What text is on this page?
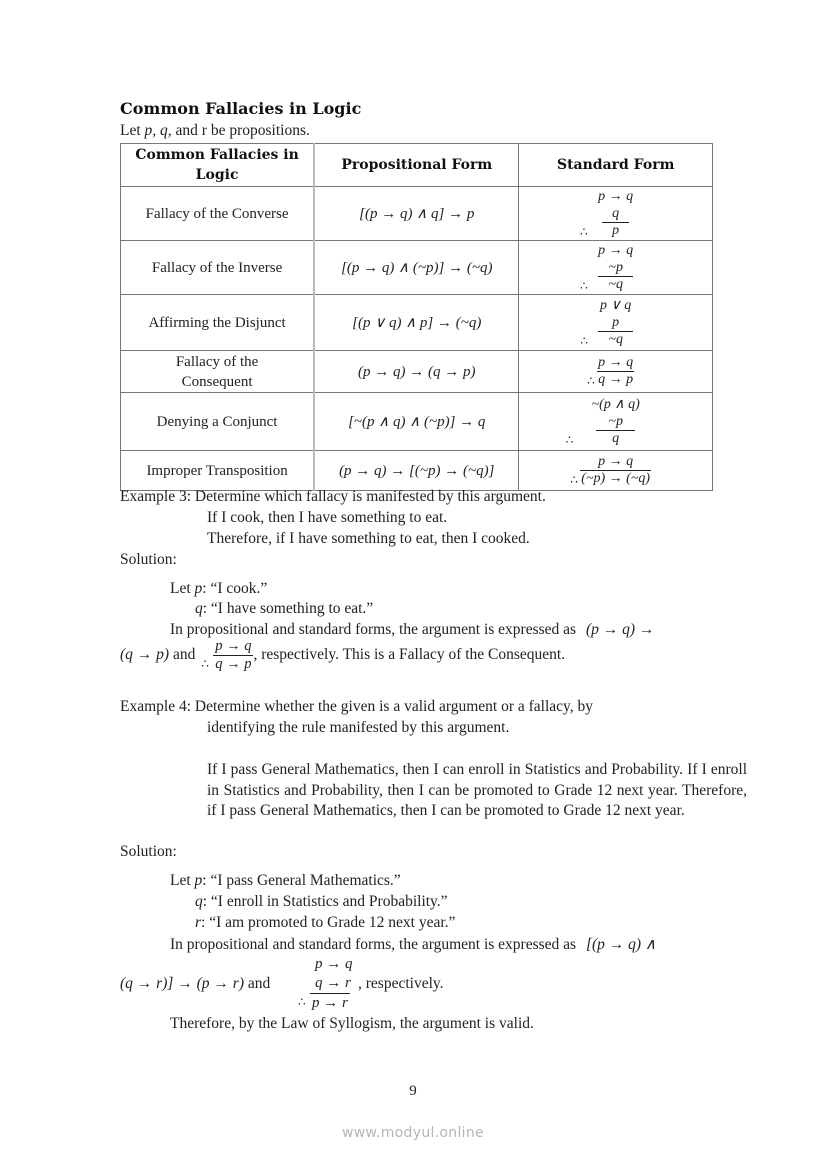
Common Fallacies in Logic
Let p, q, and r be propositions.
Common Fallacies in Logic	Propositional Form	Standard Form
Fallacy of the Converse	[(p → q) ∧ q] → p	p → q
q
∴ p

Fallacy of the Inverse	[(p → q) ∧ (~p)] → (~q)	p → q
~p
∴ ~q

Affirming the Disjunct	[(p ∨ q) ∧ p] → (~q)	p ∨ q
p
∴ ~q

Fallacy of the
Consequent
	(p → q) → (q → p)	
p → q
∴ q → p

Denying a Conjunct	[~(p ∧ q) ∧ (~p)] → q	~(p ∧ q)
~p
∴ q

Improper Transposition	(p → q) → [(~p) → (~q)]	p → q
∴ (~p) → (~q)
Example 3: Determine which fallacy is manifested by this argument.
If I cook, then I have something to eat.
Therefore, if I have something to eat, then I cooked.
Solution:
Let p: “I cook.”
q: “I have something to eat.”
In propositional and standard forms, the argument is expressed as (p → q) →
(q → p) and
p → q
q → p
∴
, respectively. This is a Fallacy of the Consequent.
Example 4: Determine whether the given is a valid argument or a fallacy, by
identifying the rule manifested by this argument.
If I pass General Mathematics, then I can enroll in Statistics and Probability. If I enroll in Statistics and Probability, then I can be promoted to Grade 12 next year. Therefore, if I pass General Mathematics, then I can be promoted to Grade 12 next year.
Solution:
Let p: “I pass General Mathematics.”
q: “I enroll in Statistics and Probability.”
r: “I am promoted to Grade 12 next year.”
In propositional and standard forms, the argument is expressed as [(p → q) ∧
(q → r)] → (p → r) and
p → q
q → r
p → r
∴
, respectively.
Therefore, by the Law of Syllogism, the argument is valid.
9
www.modyul.online
